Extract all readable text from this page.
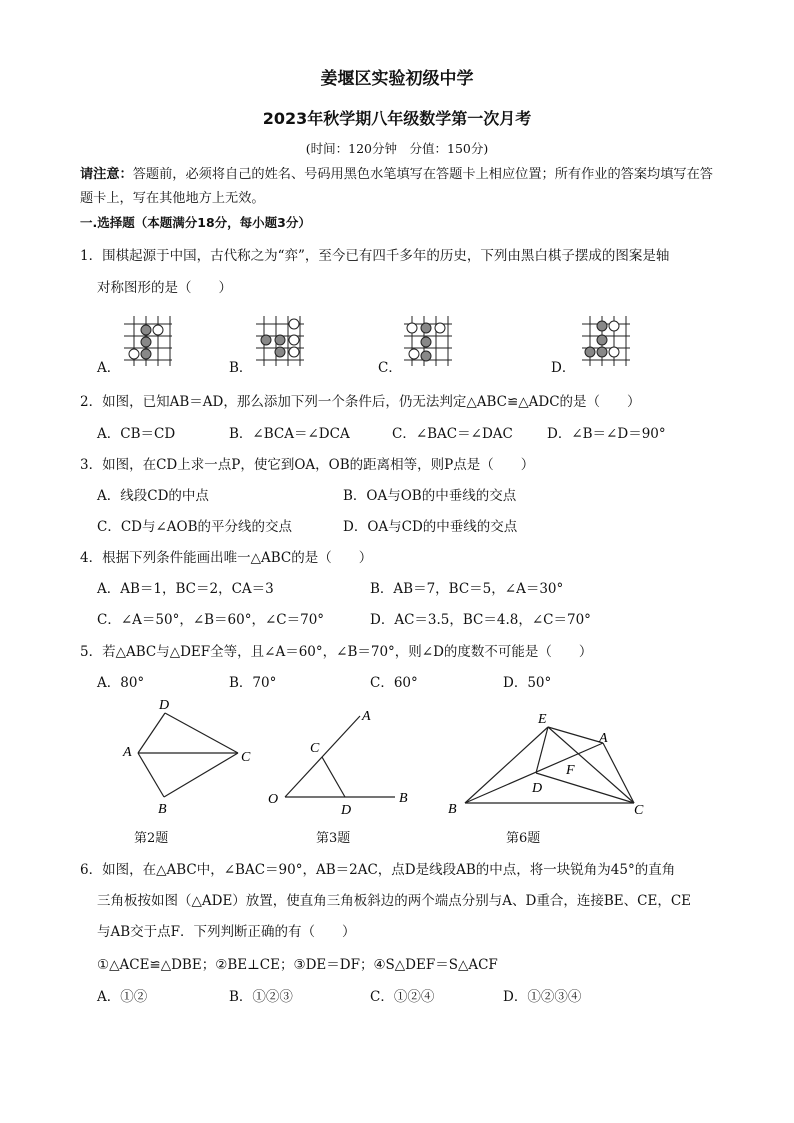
姜堰区实验初级中学
2023年秋学期八年级数学第一次月考
(时间：120分钟　分值：150分)
请注意：答题前，必须将自己的姓名、号码用黑色水笔填写在答题卡上相应位置；所有作业的答案均填写在答题卡上，写在其他地方上无效。
一.选择题（本题满分18分，每小题3分）
1．围棋起源于中国，古代称之为“弈”，至今已有四千多年的历史，下列由黑白棋子摆成的图案是轴
对称图形的是（　　）
A．	B．	C．	D．
2．如图，已知AB＝AD，那么添加下列一个条件后，仍无法判定△ABC≌△ADC的是（　　）
A．CB＝CD	B．∠BCA＝∠DCA	C．∠BAC＝∠DAC	D．∠B＝∠D＝90°
3．如图，在CD上求一点P，使它到OA，OB的距离相等，则P点是（　　）
A．线段CD的中点	B．OA与OB的中垂线的交点
C．CD与∠AOB的平分线的交点	D．OA与CD的中垂线的交点
4．根据下列条件能画出唯一△ABC的是（　　）
A．AB＝1，BC＝2，CA＝3	B．AB＝7，BC＝5，∠A＝30°
C．∠A＝50°，∠B＝60°，∠C＝70°	D．AC＝3.5，BC＝4.8，∠C＝70°
5．若△ABC与△DEF全等，且∠A＝60°，∠B＝70°，则∠D的度数不可能是（　　）
A．80°	B．70°	C．60°	D．50°
D
A	C
B
A
C
O
D
B
E
A
F
D
B	C
第2题	第3题	第6题
6．如图，在△ABC中，∠BAC＝90°，AB＝2AC，点D是线段AB的中点，将一块锐角为45°的直角
三角板按如图（△ADE）放置，使直角三角板斜边的两个端点分别与A、D重合，连接BE、CE，CE
与AB交于点F．下列判断正确的有（　　）
①△ACE≌△DBE；②BE⊥CE；③DE＝DF；④S△DEF＝S△ACF
A．①②	B．①②③	C．①②④	D．①②③④
